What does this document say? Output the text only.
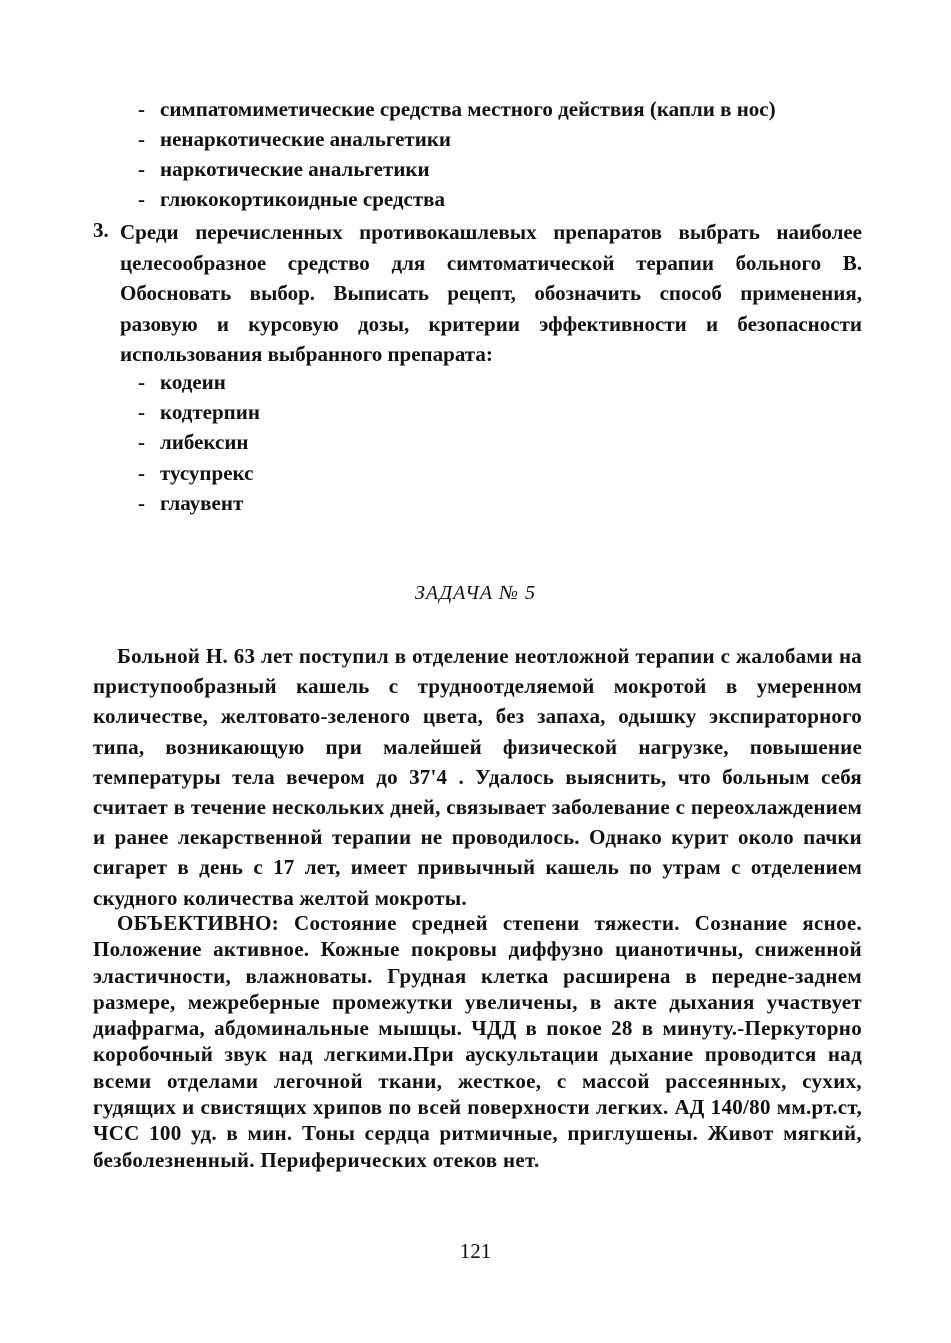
- симпатомиметические средства местного действия (капли в нос)
- ненаркотические анальгетики
- наркотические анальгетики
- глюкокортикоидные средства
3. Среди перечисленных противокашлевых препаратов выбрать наиболее целесообразное средство для симтоматической терапии больного В. Обосновать выбор. Выписать рецепт, обозначить способ применения, разовую и курсовую дозы, критерии эффективности и безопасности использования выбранного препарата:
- кодеин
- кодтерпин
- либексин
- тусупрекс
- глаувент
ЗАДАЧА № 5
Больной Н. 63 лет поступил в отделение неотложной терапии с жалобами на приступообразный кашель с трудноотделяемой мокротой в умеренном количестве, желтовато-зеленого цвета, без запаха, одышку экспираторного типа, возникающую при малейшей физической нагрузке, повышение температуры тела вечером до 37'4 . Удалось выяснить, что больным себя считает в течение нескольких дней, связывает заболевание с переохлаждением и ранее лекарственной терапии не проводилось. Однако курит около пачки сигарет в день с 17 лет, имеет привычный кашель по утрам с отделением скудного количества желтой мокроты.
ОБЪЕКТИВНО: Состояние средней степени тяжести. Сознание ясное. Положение активное. Кожные покровы диффузно цианотичны, сниженной эластичности, влажноваты. Грудная клетка расширена в передне-заднем размере, межреберные промежутки увеличены, в акте дыхания участвует диафрагма, абдоминальные мышцы. ЧДД в покое 28 в минуту.-Перкуторно коробочный звук над легкими.При аускультации дыхание проводится над всеми отделами легочной ткани, жесткое, с массой рассеянных, сухих, гудящих и свистящих хрипов по всей поверхности легких. АД 140/80 мм.рт.ст, ЧСС 100 уд. в мин. Тоны сердца ритмичные, приглушены. Живот мягкий, безболезненный. Периферических отеков нет.
121
